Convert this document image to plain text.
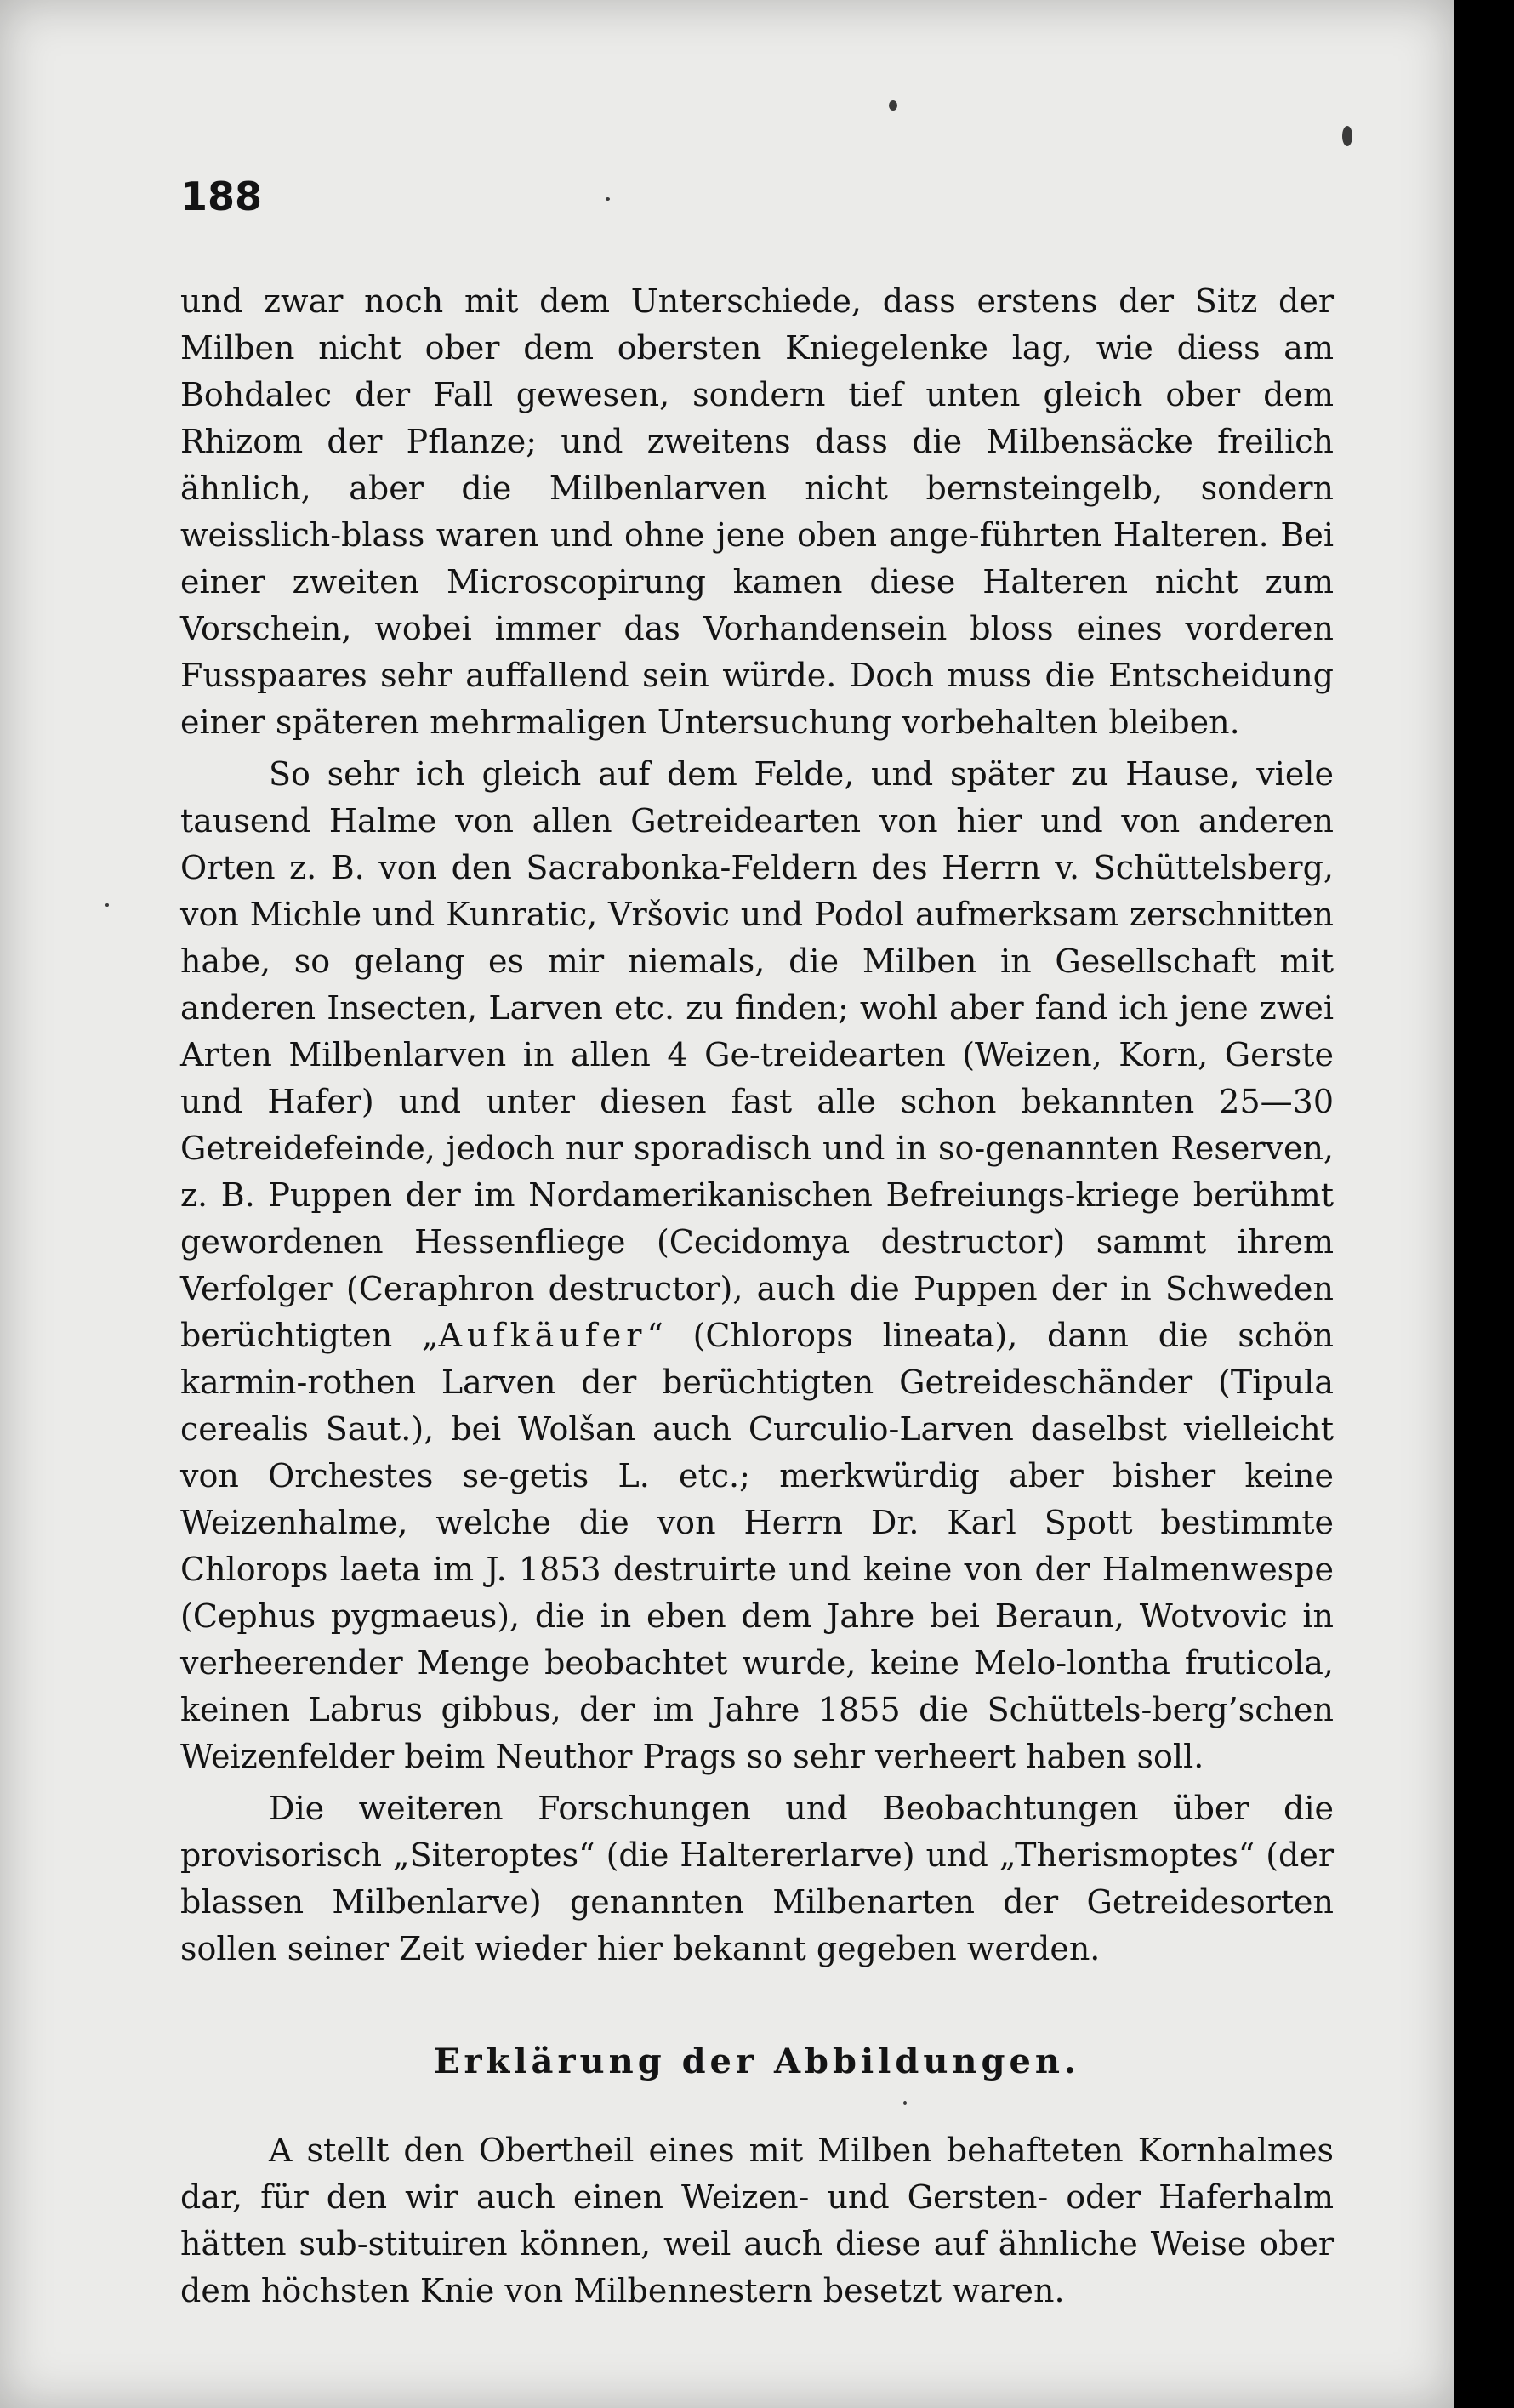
188

und zwar noch mit dem Unterschiede, dass erstens der Sitz der Milben nicht ober dem obersten Kniegelenke lag, wie diess am Bohdalec der Fall gewesen, sondern tief unten gleich ober dem Rhizom der Pflanze; und zweitens dass die Milbensäcke freilich ähnlich, aber die Milbenlarven nicht bernsteingelb, sondern weisslich-blass waren und ohne jene oben ange-führten Halteren. Bei einer zweiten Microscopirung kamen diese Halteren nicht zum Vorschein, wobei immer das Vorhandensein bloss eines vorderen Fusspaares sehr auffallend sein würde. Doch muss die Entscheidung einer späteren mehrmaligen Untersuchung vorbehalten bleiben.

So sehr ich gleich auf dem Felde, und später zu Hause, viele tausend Halme von allen Getreidearten von hier und von anderen Orten z. B. von den Sacrabonka-Feldern des Herrn v. Schüttelsberg, von Michle und Kunratic, Vršovic und Podol aufmerksam zerschnitten habe, so gelang es mir niemals, die Milben in Gesellschaft mit anderen Insecten, Larven etc. zu finden; wohl aber fand ich jene zwei Arten Milbenlarven in allen 4 Ge-treidearten (Weizen, Korn, Gerste und Hafer) und unter diesen fast alle schon bekannten 25—30 Getreidefeinde, jedoch nur sporadisch und in so-genannten Reserven, z. B. Puppen der im Nordamerikanischen Befreiungs-kriege berühmt gewordenen Hessenfliege (Cecidomya destructor) sammt ihrem Verfolger (Ceraphron destructor), auch die Puppen der in Schweden berüchtigten „Aufkäufer“ (Chlorops lineata), dann die schön karmin-rothen Larven der berüchtigten Getreideschänder (Tipula cerealis Saut.), bei Wolšan auch Curculio-Larven daselbst vielleicht von Orchestes se-getis L. etc.; merkwürdig aber bisher keine Weizenhalme, welche die von Herrn Dr. Karl Spott bestimmte Chlorops laeta im J. 1853 destruirte und keine von der Halmenwespe (Cephus pygmaeus), die in eben dem Jahre bei Beraun, Wotvovic in verheerender Menge beobachtet wurde, keine Melo-lontha fruticola, keinen Labrus gibbus, der im Jahre 1855 die Schüttels-berg’schen Weizenfelder beim Neuthor Prags so sehr verheert haben soll.

Die weiteren Forschungen und Beobachtungen über die provisorisch „Siteroptes“ (die Haltererlarve) und „Therismoptes“ (der blassen Milbenlarve) genannten Milbenarten der Getreidesorten sollen seiner Zeit wieder hier bekannt gegeben werden.

Erklärung der Abbildungen.

A stellt den Obertheil eines mit Milben behafteten Kornhalmes dar, für den wir auch einen Weizen- und Gersten- oder Haferhalm hätten sub-stituiren können, weil auch diese auf ähnliche Weise ober dem höchsten Knie von Milbennestern besetzt waren.
